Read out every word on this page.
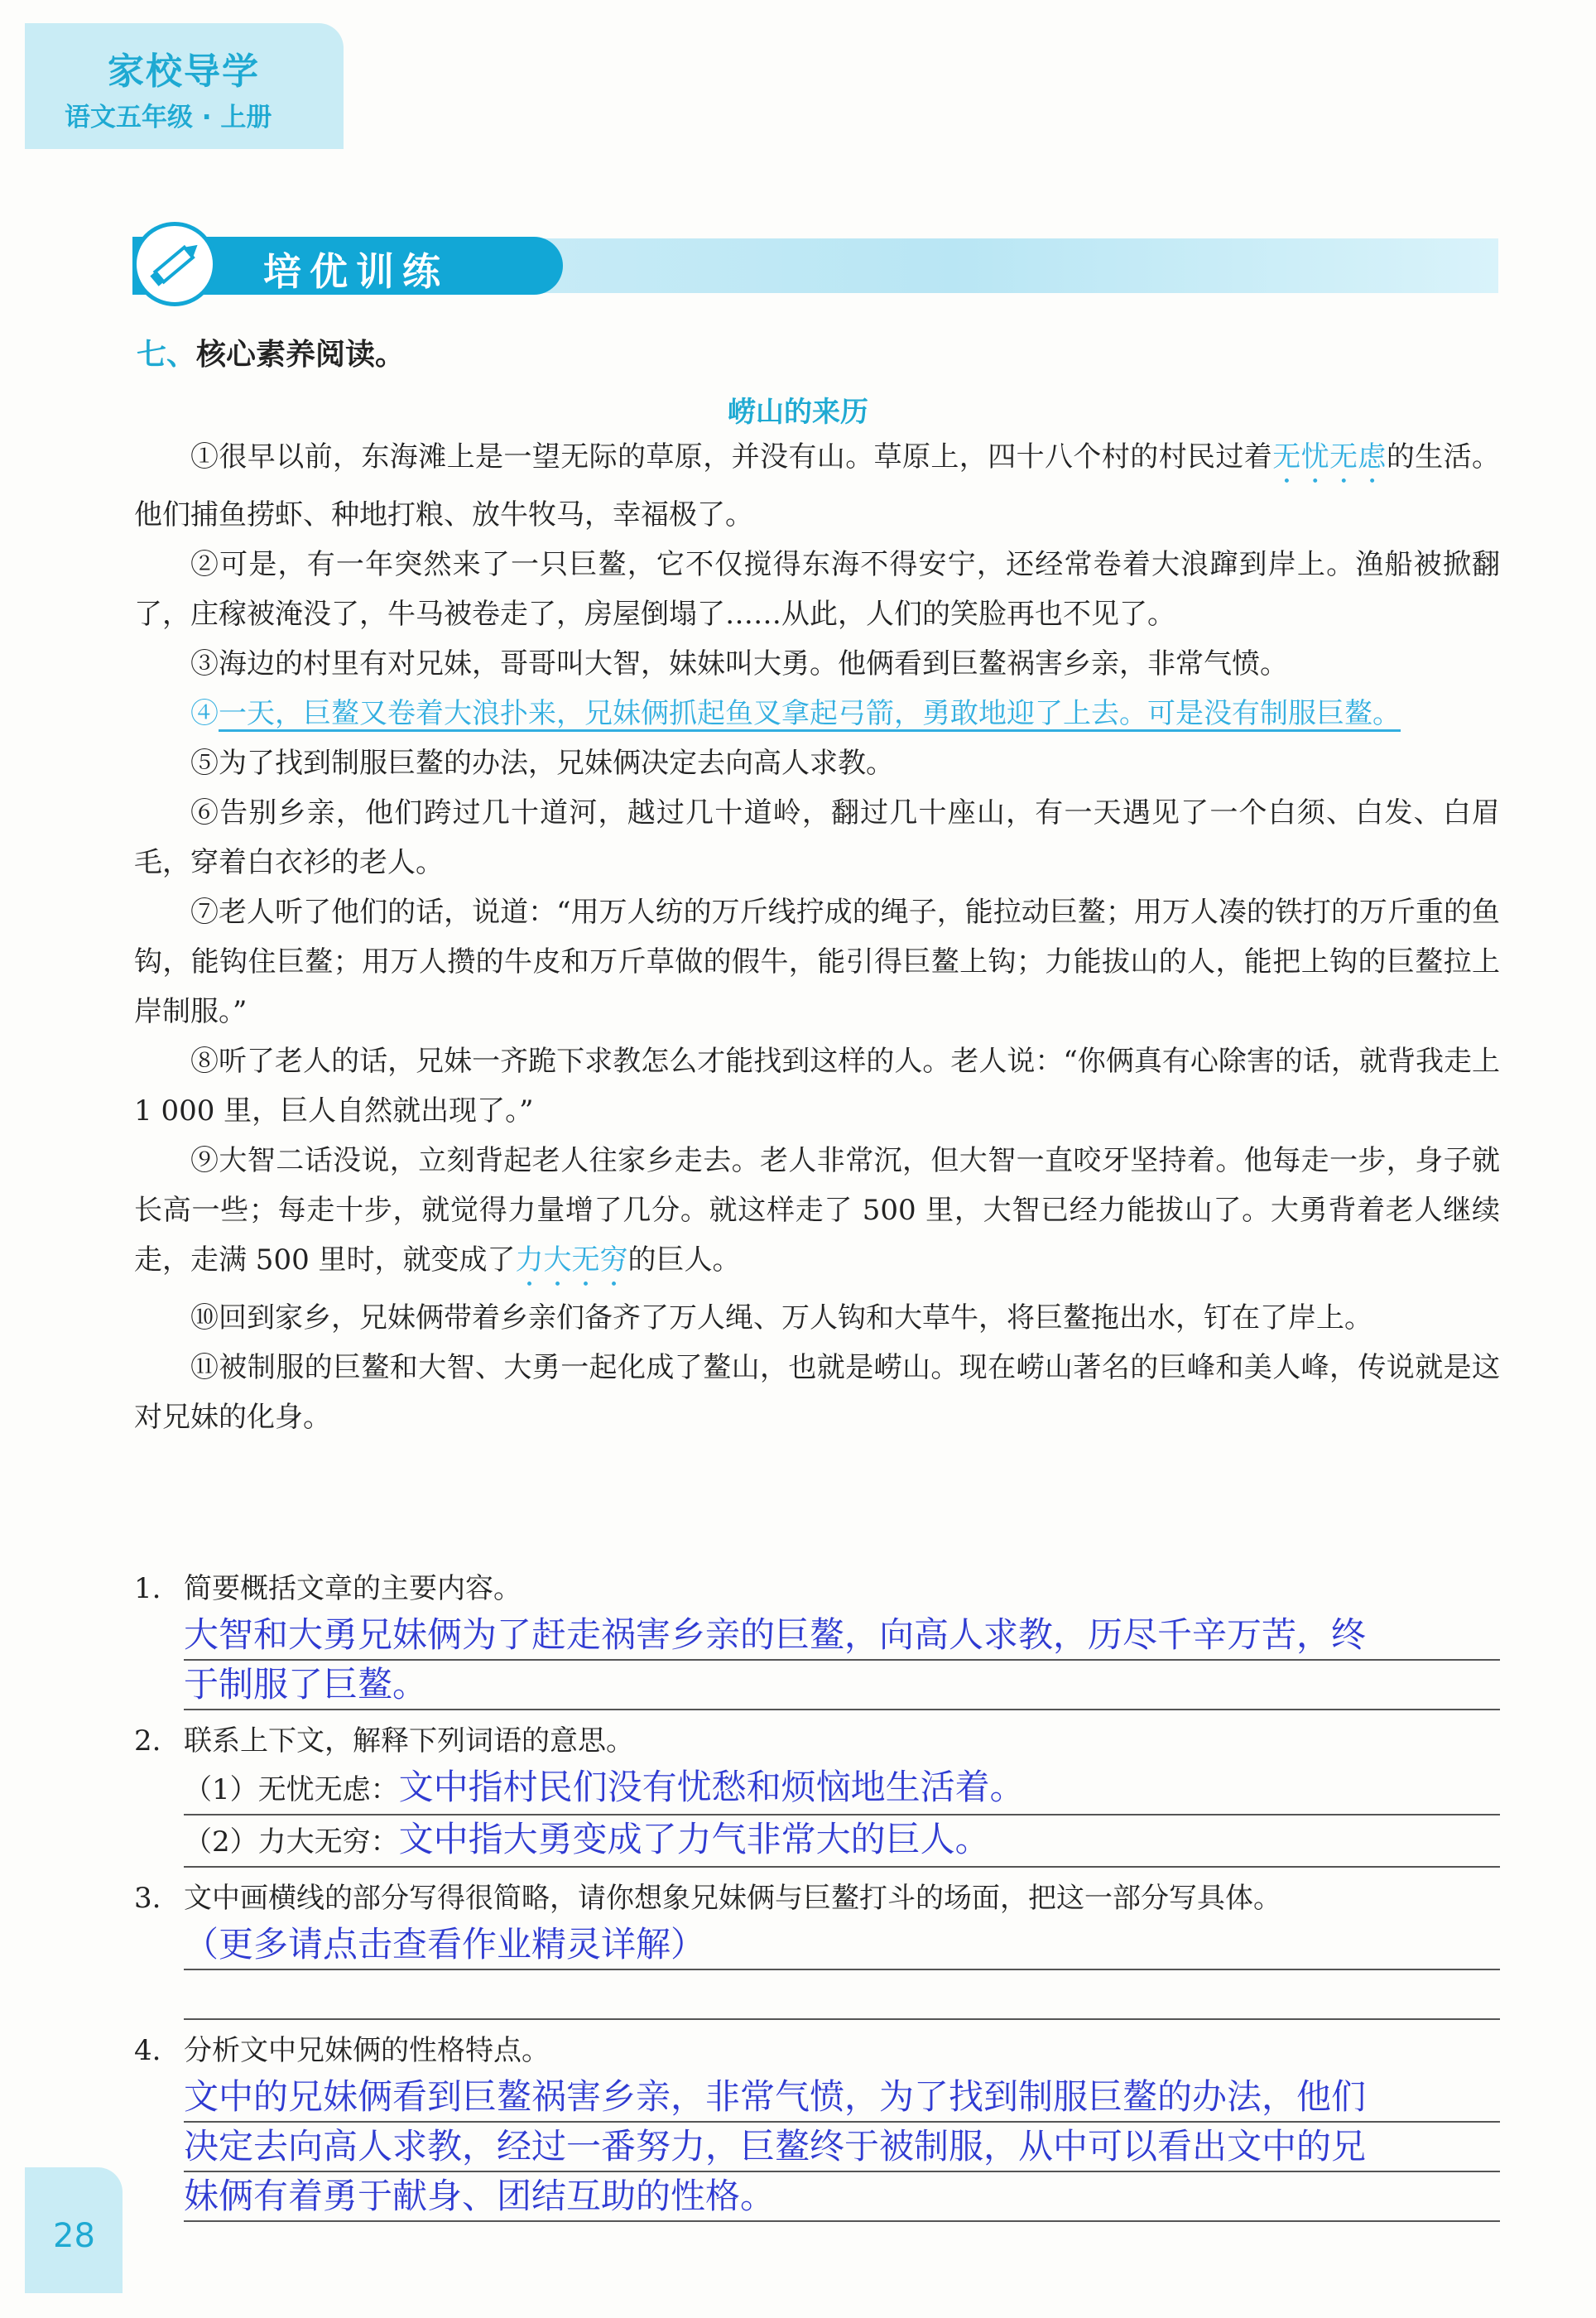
家校导学
语文五年级 · 上册
培优训练
七、核心素养阅读。
崂山的来历

①很早以前，东海滩上是一望无际的草原，并没有山。草原上，四十八个村的村民过着无忧无虑的生活。他们捕鱼捞虾、种地打粮、放牛牧马，幸福极了。

②可是，有一年突然来了一只巨鳌，它不仅搅得东海不得安宁，还经常卷着大浪蹿到岸上。渔船被掀翻了，庄稼被淹没了，牛马被卷走了，房屋倒塌了……从此，人们的笑脸再也不见了。

③海边的村里有对兄妹，哥哥叫大智，妹妹叫大勇。他俩看到巨鳌祸害乡亲，非常气愤。

④一天，巨鳌又卷着大浪扑来，兄妹俩抓起鱼叉拿起弓箭，勇敢地迎了上去。可是没有制服巨鳌。

⑤为了找到制服巨鳌的办法，兄妹俩决定去向高人求教。

⑥告别乡亲，他们跨过几十道河，越过几十道岭，翻过几十座山，有一天遇见了一个白须、白发、白眉毛，穿着白衣衫的老人。

⑦老人听了他们的话，说道：“用万人纺的万斤线拧成的绳子，能拉动巨鳌；用万人凑的铁打的万斤重的鱼钩，能钩住巨鳌；用万人攒的牛皮和万斤草做的假牛，能引得巨鳌上钩；力能拔山的人，能把上钩的巨鳌拉上岸制服。”

⑧听了老人的话，兄妹一齐跪下求教怎么才能找到这样的人。老人说：“你俩真有心除害的话，就背我走上 1 000 里，巨人自然就出现了。”

⑨大智二话没说，立刻背起老人往家乡走去。老人非常沉，但大智一直咬牙坚持着。他每走一步，身子就长高一些；每走十步，就觉得力量增了几分。就这样走了 500 里，大智已经力能拔山了。大勇背着老人继续走，走满 500 里时，就变成了力大无穷的巨人。

⑩回到家乡，兄妹俩带着乡亲们备齐了万人绳、万人钩和大草牛，将巨鳌拖出水，钉在了岸上。

⑪被制服的巨鳌和大智、大勇一起化成了鳌山，也就是崂山。现在崂山著名的巨峰和美人峰，传说就是这对兄妹的化身。

1. 简要概括文章的主要内容。
大智和大勇兄妹俩为了赶走祸害乡亲的巨鳌，向高人求教，历尽千辛万苦，终
于制服了巨鳌。
2. 联系上下文，解释下列词语的意思。
（1）无忧无虑：文中指村民们没有忧愁和烦恼地生活着。
（2）力大无穷：文中指大勇变成了力气非常大的巨人。
3. 文中画横线的部分写得很简略，请你想象兄妹俩与巨鳌打斗的场面，把这一部分写具体。
（更多请点击查看作业精灵详解）
4. 分析文中兄妹俩的性格特点。
文中的兄妹俩看到巨鳌祸害乡亲，非常气愤，为了找到制服巨鳌的办法，他们
决定去向高人求教，经过一番努力，巨鳌终于被制服，从中可以看出文中的兄
妹俩有着勇于献身、团结互助的性格。
28
